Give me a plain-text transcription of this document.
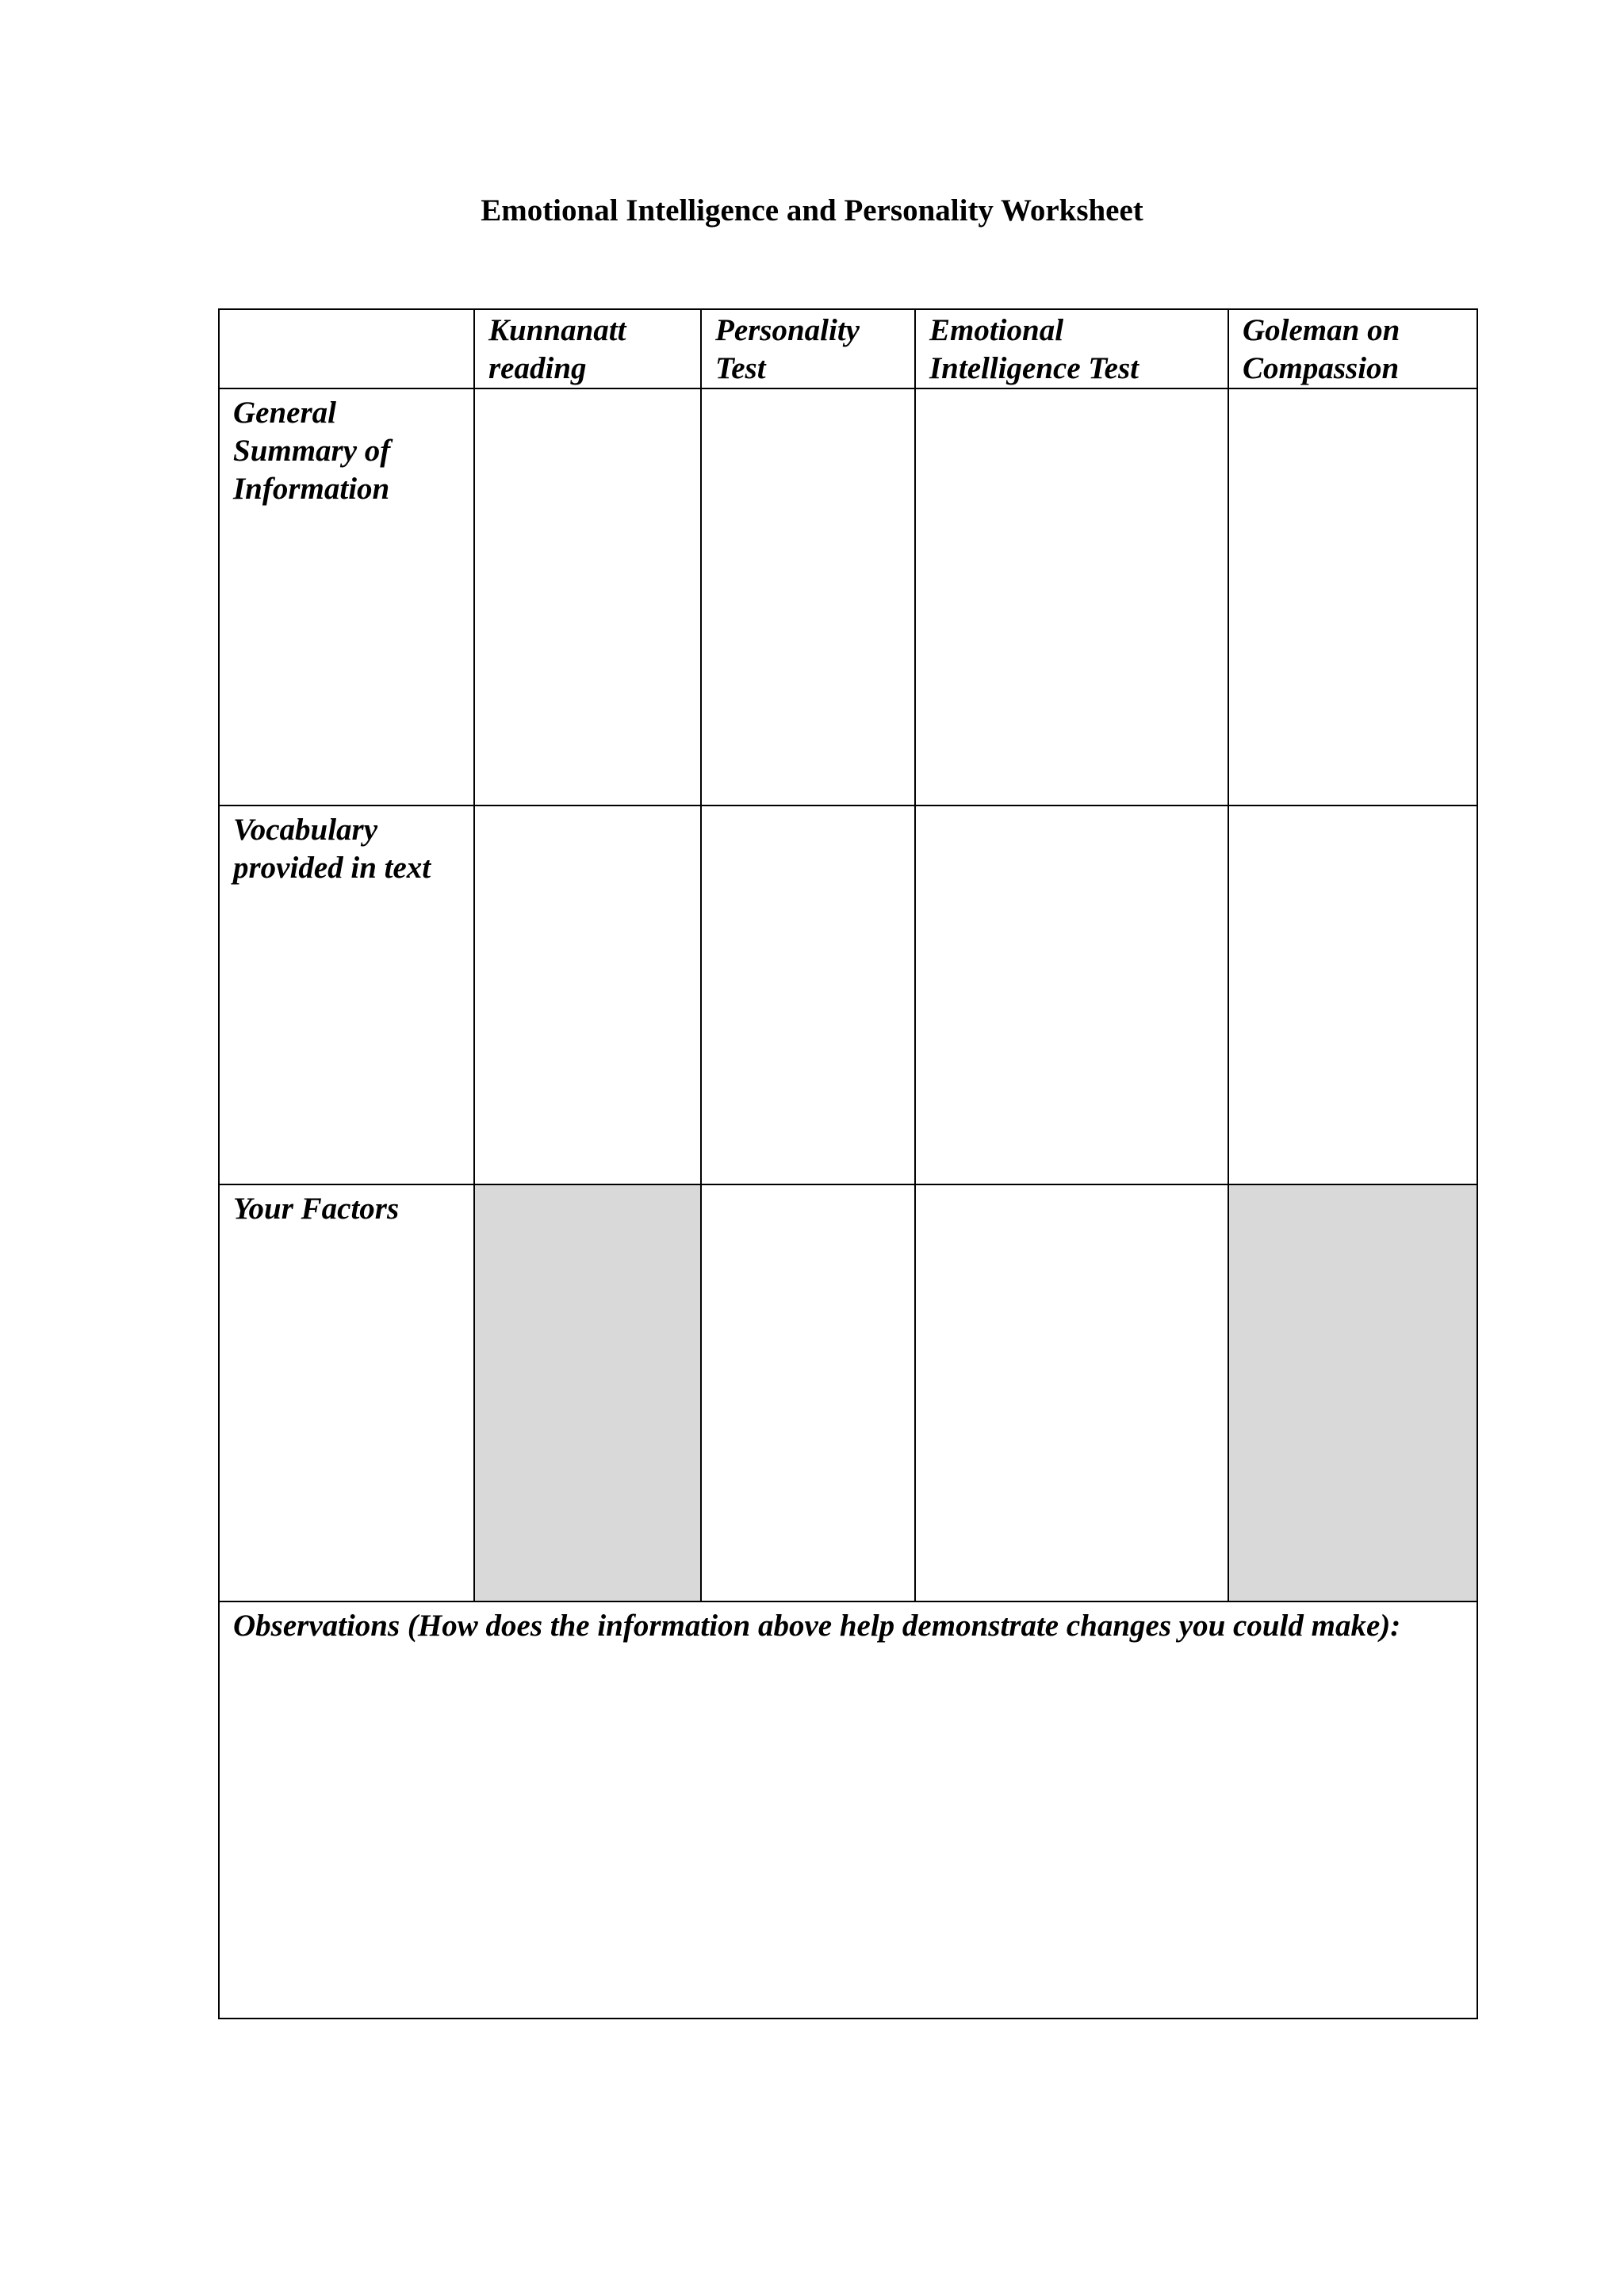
Emotional Intelligence and Personality Worksheet
	Kunnanatt reading	Personality Test	Emotional Intelligence Test	Goleman on Compassion
General Summary of Information				
Vocabulary provided in text				
Your Factors				
Observations (How does the information above help demonstrate changes you could make):				
